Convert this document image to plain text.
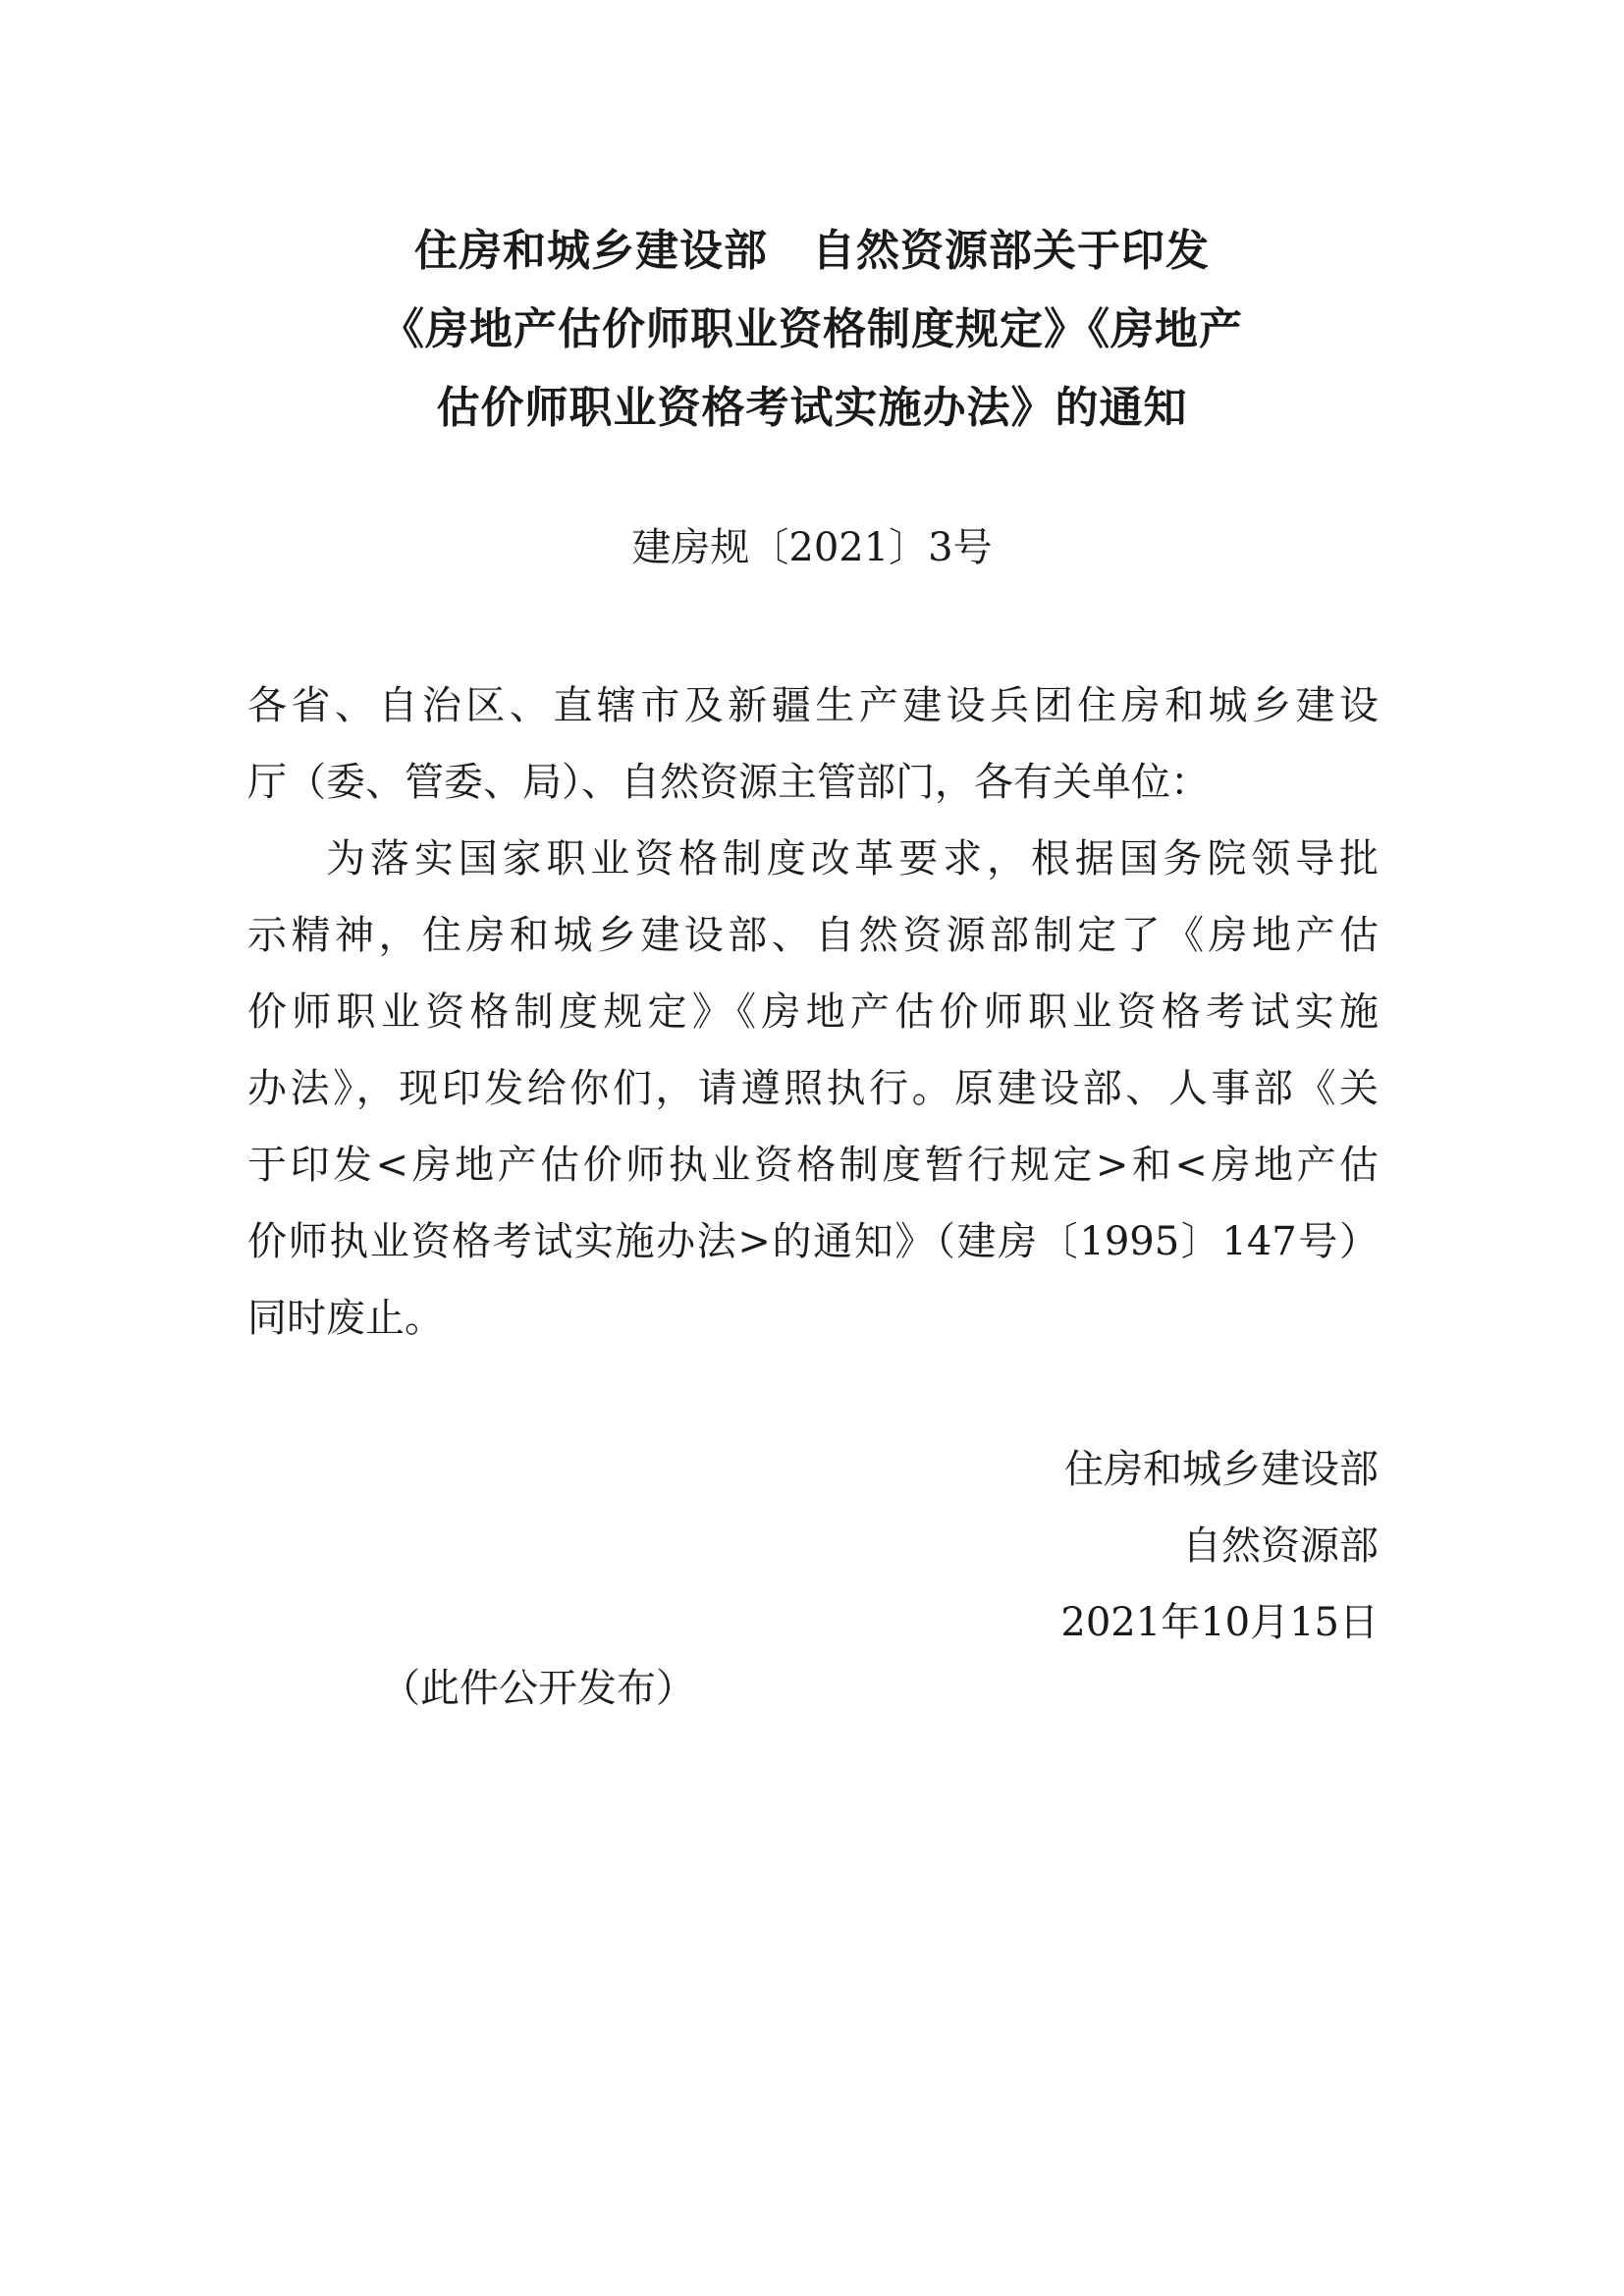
住房和城乡建设部　自然资源部关于印发
《房地产估价师职业资格制度规定》《房地产
估价师职业资格考试实施办法》的通知
建房规〔2021〕3号
各省、自治区、直辖市及新疆生产建设兵团住房和城乡建设
厅（委、管委、局）、自然资源主管部门，各有关单位：
为落实国家职业资格制度改革要求，根据国务院领导批
示精神，住房和城乡建设部、自然资源部制定了《房地产估
价师职业资格制度规定》《房地产估价师职业资格考试实施
办法》，现印发给你们，请遵照执行。原建设部、人事部《关
于印发<房地产估价师执业资格制度暂行规定>和<房地产估
价师执业资格考试实施办法>的通知》（建房〔1995〕147号）
同时废止。
住房和城乡建设部
自然资源部
2021年10月15日
（此件公开发布）
